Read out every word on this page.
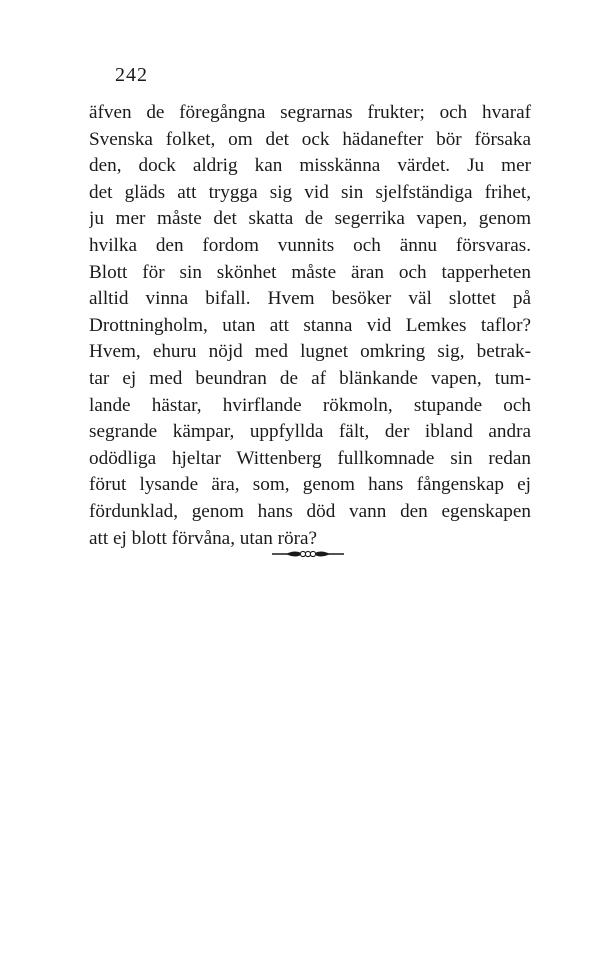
242
äfven de föregångna segrarnas frukter; och hvaraf
Svenska folket, om det ock hädanefter bör försaka
den, dock aldrig kan misskänna värdet. Ju mer
det gläds att trygga sig vid sin sjelfständiga frihet,
ju mer måste det skatta de segerrika vapen, genom
hvilka den fordom vunnits och ännu försvaras.
Blott för sin skönhet måste äran och tapperheten
alltid vinna bifall. Hvem besöker väl slottet på
Drottningholm, utan att stanna vid Lemkes taflor?
Hvem, ehuru nöjd med lugnet omkring sig, betrak-
tar ej med beundran de af blänkande vapen, tum-
lande hästar, hvirflande rökmoln, stupande och
segrande kämpar, uppfyllda fält, der ibland andra
odödliga hjeltar Wittenberg fullkomnade sin redan
förut lysande ära, som, genom hans fångenskap ej
fördunklad, genom hans död vann den egenskapen
att ej blott förvåna, utan röra?
